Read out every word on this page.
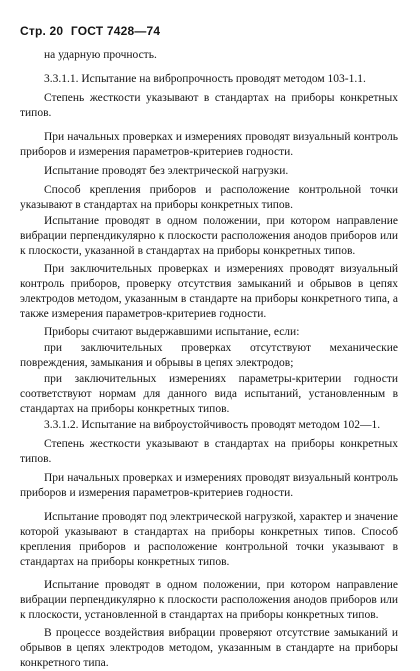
Стр. 20 ГОСТ 7428—74

на ударную прочность.

3.3.1.1. Испытание на вибропрочность проводят методом 103-1.1.

Степень жесткости указывают в стандартах на приборы конкретных типов.

При начальных проверках и измерениях проводят визуальный контроль приборов и измерения параметров-критериев годности.

Испытание проводят без электрической нагрузки.

Способ крепления приборов и расположение контрольной точки указывают в стандартах на приборы конкретных типов.

Испытание проводят в одном положении, при котором направление вибрации перпендикулярно к плоскости расположения анодов приборов или к плоскости, указанной в стандартах на приборы конкретных типов.

При заключительных проверках и измерениях проводят визуальный контроль приборов, проверку отсутствия замыканий и обрывов в цепях электродов методом, указанным в стандарте на приборы конкретного типа, а также измерения параметров-критериев годности.

Приборы считают выдержавшими испытание, если:

при заключительных проверках отсутствуют механические повреждения, замыкания и обрывы в цепях электродов;

при заключительных измерениях параметры-критерии годности соответствуют нормам для данного вида испытаний, установленным в стандартах на приборы конкретных типов.

3.3.1.2. Испытание на виброустойчивость проводят методом 102—1.

Степень жесткости указывают в стандартах на приборы конкретных типов.

При начальных проверках и измерениях проводят визуальный контроль приборов и измерения параметров-критериев годности.

Испытание проводят под электрической нагрузкой, характер и значение которой указывают в стандартах на приборы конкретных типов. Способ крепления приборов и расположение контрольной точки указывают в стандартах на приборы конкретных типов.

Испытание проводят в одном положении, при котором направление вибрации перпендикулярно к плоскости расположения анодов приборов или к плоскости, установленной в стандартах на приборы конкретных типов.

В процессе воздействия вибрации проверяют отсутствие замыканий и обрывов в цепях электродов методом, указанным в стандарте на приборы конкретного типа.
